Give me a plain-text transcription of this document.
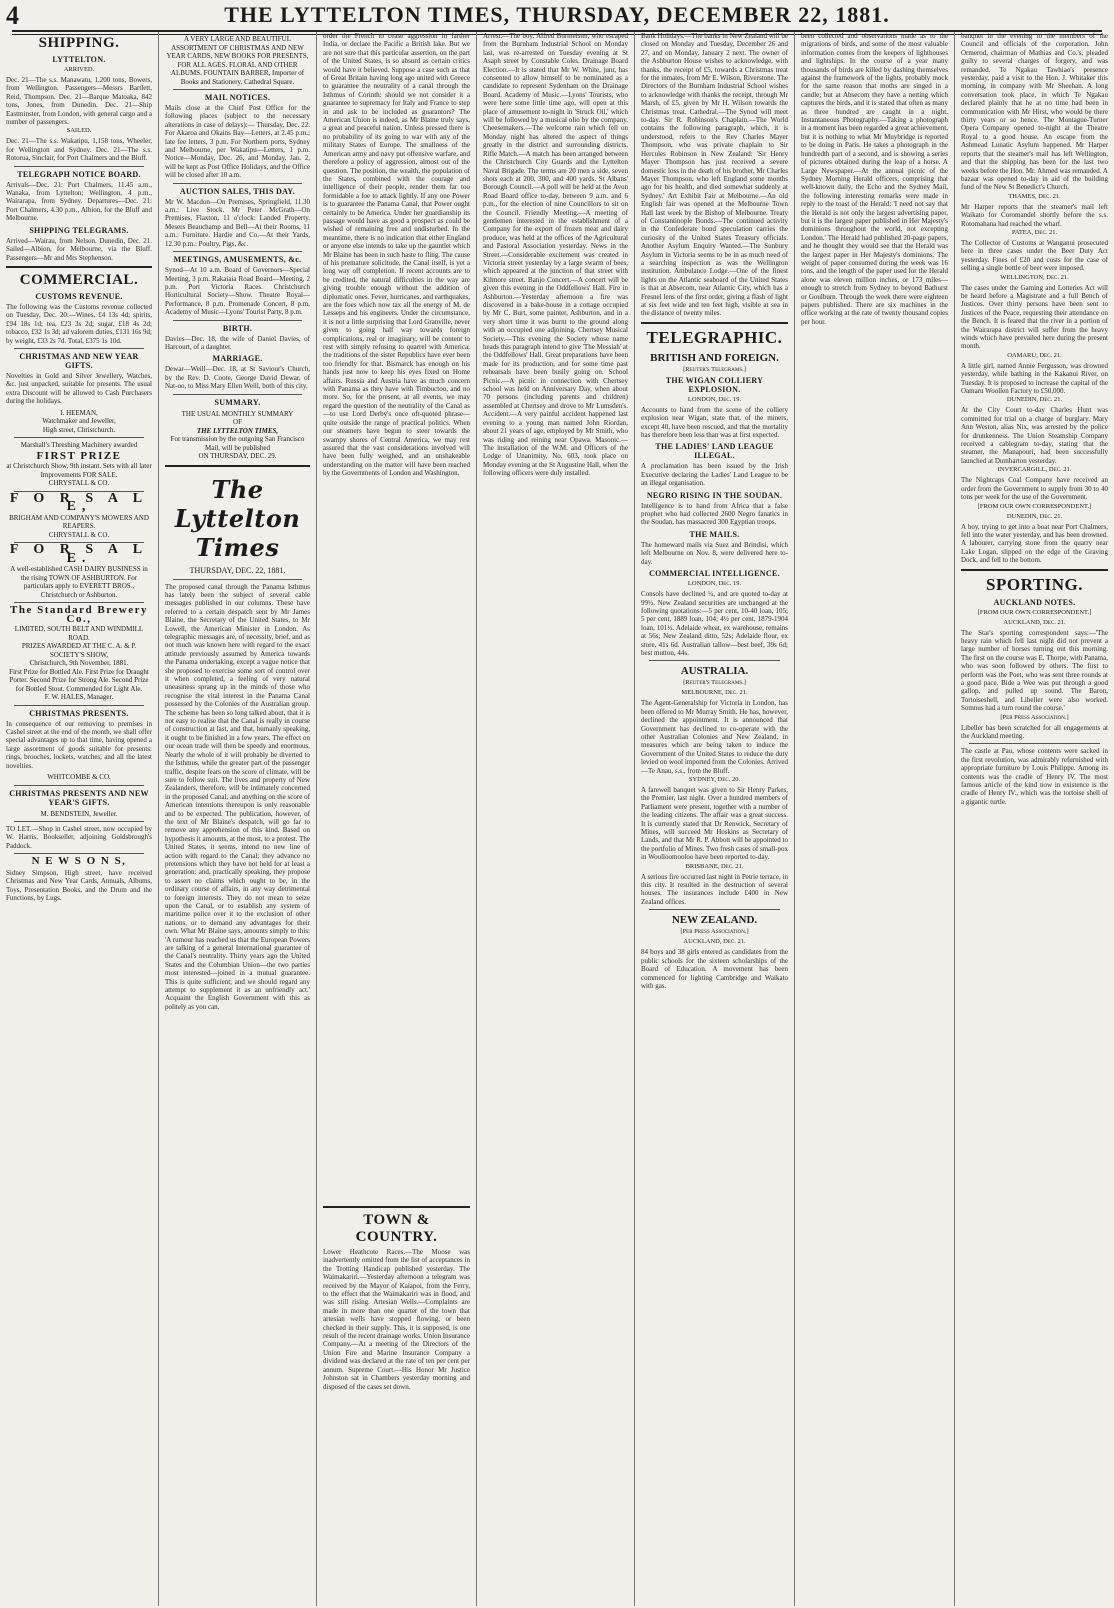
4	THE LYTTELTON TIMES, THURSDAY, DECEMBER 22, 1881.
SHIPPING.
LYTTELTON.
ARRIVED.
Dec. 21—The s.s. Manawatu, 1,200 tons, Bowers, from Wellington. Passengers—Messrs Bartlett, Reid, Thompson. Dec. 21—Barque Matoaka, 842 tons, Jones, from Dunedin. Dec. 21—Ship Eastminster, from London, with general cargo and a number of passengers.
SAILED.
Dec. 21—The s.s. Wakatipu, 1,158 tons, Wheeler, for Wellington and Sydney. Dec. 21—The s.s. Rotorua, Sinclair, for Port Chalmers and the Bluff.
TELEGRAPH NOTICE BOARD.
Arrivals—Dec. 21: Port Chalmers, 11.45 a.m., Wanaka, from Lyttelton; Wellington, 4 p.m., Wairarapa, from Sydney. Departures—Dec. 21: Port Chalmers, 4.30 p.m., Albion, for the Bluff and Melbourne.
SHIPPING TELEGRAMS.
Arrived—Wairau, from Nelson. Dunedin, Dec. 21. Sailed—Albion, for Melbourne, via the Bluff. Passengers—Mr and Mrs Stephenson.
COMMERCIAL.
CUSTOMS REVENUE.
The following was the Customs revenue collected on Tuesday, Dec. 20:—Wines, £4 13s 4d; spirits, £94 18s 1d; tea, £23 3s 2d; sugar, £18 4s 2d; tobacco, £32 1s 3d; ad valorem duties, £131 16s 9d; by weight, £33 2s 7d. Total, £375 1s 10d.
CHRISTMAS AND NEW YEAR GIFTS.
Novelties in Gold and Silver Jewellery, Watches, &c. just unpacked, suitable for presents. The usual extra Discount will be allowed to Cash Purchasers during the holidays.
I. HEEMAN,
Watchmaker and Jeweller,
High street, Christchurch.
Marshall's Threshing Machinery awarded
FIRST PRIZE
at Christchurch Show, 9th instant. Sets with all later Improvements FOR SALE.
CHRYSTALL & CO.
F O R S A L E,
BRIGHAM AND COMPANY'S MOWERS AND REAPERS.
CHRYSTALL & CO.
F O R S A L E.
A well-established CASH DAIRY BUSINESS in the rising TOWN OF ASHBURTON. For particulars apply to EVERETT BROS., Christchurch or Ashburton.
The Standard Brewery Co.,
LIMITED, SOUTH BELT AND WINDMILL ROAD.
PRIZES AWARDED AT THE C. A. & P. SOCIETY'S SHOW,
Christchurch, 9th November, 1881.
First Prize for Bottled Ale. First Prize for Draught Porter. Second Prize for Strong Ale. Second Prize for Bottled Stout. Commended for Light Ale.
F. W. HALES, Manager.
CHRISTMAS PRESENTS.
In consequence of our removing to premises in Cashel street at the end of the month, we shall offer special advantages up to that time, having opened a large assortment of goods suitable for presents: rings, brooches, lockets, watches, and all the latest novelties.
WHITCOMBE & CO.
CHRISTMAS PRESENTS AND NEW YEAR'S GIFTS.
M. BENDSTEIN, Jeweller.
TO LET.—Shop in Cashel street, now occupied by W. Harris, Bookseller, adjoining Goldsbrough's Paddock.
N E W S O N S,
Sidney Simpson, High street, have received Christmas and New Year Cards, Annuals, Albums, Toys, Presentation Books, and the Drum and the Functions, by Lugs.
A VERY LARGE AND BEAUTIFUL ASSORTMENT OF CHRISTMAS AND NEW YEAR CARDS, NEW BOOKS FOR PRESENTS, FOR ALL AGES. FLORAL AND OTHER ALBUMS. FOUNTAIN BARBER, Importer of Books and Stationery, Cathedral Square.
MAIL NOTICES.
Mails close at the Chief Post Office for the following places (subject to the necessary alterations in case of delays):— Thursday, Dec. 22. For Akaroa and Okains Bay—Letters, at 2.45 p.m.; late fee letters, 3 p.m. For Northern ports, Sydney and Melbourne, per Wakatipu—Letters, 1 p.m. Notice—Monday, Dec. 26, and Monday, Jan. 2, will be kept as Post Office Holidays, and the Office will be closed after 10 a.m.
AUCTION SALES, THIS DAY.
Mr W. Macdon—On Premises, Springfield, 11.30 a.m.: Live Stock. Mr Peter McGrath—On Premises, Flaxton, 11 o'clock: Landed Property. Mesers Beauchamp and Bell—At their Rooms, 11 a.m.: Furniture. Hardie and Co.—At their Yards, 12.30 p.m.: Poultry, Pigs, &c.
MEETINGS, AMUSEMENTS, &c.
Synod—At 10 a.m. Board of Governors—Special Meeting, 3 p.m. Rakaiaia Road Board—Meeting, 2 p.m. Port Victoria Races. Christchurch Horticultural Society—Show. Theatre Royal—Performance, 8 p.m. Promenade Concert, 8 p.m. Academy of Music—Lyons' Tourist Party, 8 p.m.
BIRTH.
Davies—Dec. 18, the wife of Daniel Davies, of Harcourt, of a daughter.
MARRIAGE.
Dewar—Weill—Dec. 18, at St Saviour's Church, by the Rev. D. Coote, George David Dewar, of Nat-oo, to Miss Mary Ellen Weill, both of this city.
SUMMARY.
THE USUAL MONTHLY SUMMARY
OF
THE LYTTELTON TIMES,
For transmission by the outgoing San Francisco Mail, will be published
ON THURSDAY, DEC. 29.
The Lyttelton Times
THURSDAY, DEC. 22, 1881.
The proposed canal through the Panama Isthmus has lately been the subject of several cable messages published in our columns. These have referred to a certain despatch sent by Mr James Blaine, the Secretary of the United States, to Mr Lowell, the American Minister in London. As telegraphic messages are, of necessity, brief, and as not much was known here with regard to the exact attitude previously assumed by America towards the Panama undertaking, except a vague notice that she proposed to exercise some sort of control over it when completed, a feeling of very natural uneasiness sprang up in the minds of those who recognise the vital interest in the Panama Canal possessed by the Colonies of the Australian group. The scheme has been so long talked about, that it is not easy to realise that the Canal is really in course of construction at last, and that, humanly speaking, it ought to be finished in a few years. The effect on our ocean trade will then be speedy and enormous. Nearly the whole of it will probably be diverted to the Isthmus, while the greater part of the passenger traffic, despite fears on the score of climate, will be sure to follow suit. The lives and property of New Zealanders, therefore, will be intimately concerned in the proposed Canal, and anything on the score of American intentions thereupon is only reasonable and to be expected. The publication, however, of the text of Mr Blaine's despatch, will go far to remove any apprehension of this kind. Based on hypothesis it amounts, at the most, to a protest. The United States, it seems, intend no new line of action with regard to the Canal; they advance no pretensions which they have not held for at least a generation: and, practically speaking, they propose to assert no claims which ought to be, in the ordinary course of affairs, in any way detrimental to foreign interests. They do not mean to seize upon the Canal, or to establish any system of maritime police over it to the exclusion of other nations, or to demand any advantages for their own. What Mr Blaine says, amounts simply to this: 'A rumour has reached us that the European Powers are talking of a general International guarantee of the Canal's neutrality. Thirty years ago the United States and the Columbian Union—the two parties most interested—joined in a mutual guarantee. This is quite sufficient; and we should regard any attempt to supplement it as an unfriendly act.' Acquaint the English Government with this as politely as you can.
order the French to cease aggression in farther India, or declare the Pacific a British lake. But we are not sure that this particular assertion, on the part of the United States, is so absurd as certain critics would have it believed. Suppose a case such as that of Great Britain having long ago united with Greece to guarantee the neutrality of a canal through the Isthmus of Corinth: should we not consider it a guarantee to supremacy for Italy and France to step in and ask to be included as guarantors? The American Union is indeed, as Mr Blaine truly says, a great and peaceful nation. Unless pressed there is no probability of its going to war with any of the military States of Europe. The smallness of the American army and navy put offensive warfare, and therefore a policy of aggression, almost out of the question. The position, the wealth, the population of the States, combined with the courage and intelligence of their people, render them far too formidable a foe to attack lightly. If any one Power is to guarantee the Panama Canal, that Power ought certainly to be America. Under her guardianship its passage would have as good a prospect as could be wished of remaining free and undisturbed. In the meantime, there is no indication that either England or anyone else intends to take up the gauntlet which Mr Blaine has been in such haste to fling. The cause of his premature solicitude, the Canal itself, is yet a long way off completion. If recent accounts are to be credited, the natural difficulties in the way are giving trouble enough without the addition of diplomatic ones. Fever, hurricanes, and earthquakes, are the foes which now tax all the energy of M. de Lesseps and his engineers. Under the circumstance, it is not a little surprising that Lord Granville, never given to going half way towards foreign complications, real or imaginary, will be content to rest with simply refusing to quarrel with America: the traditions of the sister Republics have ever been too friendly for that. Bismarck has enough on his hands just now to keep his eyes fixed on Home affairs. Russia and Austria have as much concern with Panama as they have with Timbuctoo, and no more. So, for the present, at all events, we may regard the question of the neutrality of the Canal as—to use Lord Derby's once oft-quoted phrase—quite outside the range of practical politics. When our steamers have begun to steer towards the swampy shores of Central America, we may rest assured that the vast considerations involved will have been fully weighed, and an unshakeable understanding on the matter will have been reached by the Governments of London and Washington.
TOWN & COUNTRY.
Lower Heathcote Races.—The Moose was inadvertently omitted from the list of acceptances in the Trotting Handicap published yesterday. The Waimakariri.—Yesterday afternoon a telegram was received by the Mayor of Kaiapoi, from the Ferry, to the effect that the Waimakariri was in flood, and was still rising. Artesian Wells.—Complaints are made in more than one quarter of the town that artesian wells have stopped flowing, or been checked in their supply. This, it is supposed, is one result of the recent drainage works. Union Insurance Company.—At a meeting of the Directors of the Union Fire and Marine Insurance Company a dividend was declared at the rate of ten per cent per annum. Supreme Court.—His Honor Mr Justice Johnston sat in Chambers yesterday morning and disposed of the cases set down.
Arrest.—The boy, Alfred Burmeister, who escaped from the Burnham Industrial School on Monday last, was re-arrested on Tuesday evening at St Asaph street by Constable Coles. Drainage Board Election.—It is stated that Mr W. White, junr, has consented to allow himself to be nominated as a candidate to represent Sydenham on the Drainage Board. Academy of Music.—Lyons' Tourists, who were here some little time ago, will open at this place of amusement to-night in 'Struck Oil,' which will be followed by a musical olio by the company. Cheesemakers.—The welcome rain which fell on Monday night has altered the aspect of things greatly in the district and surrounding districts. Rifle Match.—A match has been arranged between the Christchurch City Guards and the Lyttelton Naval Brigade. The terms are 20 men a side, seven shots each at 200, 300, and 400 yards. St Albans' Borough Council.—A poll will be held at the Avon Road Board office to-day, between 9 a.m. and 6 p.m., for the election of nine Councillors to sit on the Council. Friendly Meeting.—A meeting of gentlemen interested in the establishment of a Company for the export of frozen meat and dairy produce, was held at the offices of the Agricultural and Pastoral Association yesterday. News in the Street.—Considerable excitement was created in Victoria street yesterday by a large swarm of bees, which appeared at the junction of that street with Kilmore street. Banjo Concert.—A concert will be given this evening in the Oddfellows' Hall. Fire in Ashburton.—Yesterday afternoon a fire was discovered in a bake-house in a cottage occupied by Mr C. Burt, some painter, Ashburton, and in a very short time it was burnt to the ground along with an occupied one adjoining. Chertsey Musical Society.—This evening the Society whose name heads this paragraph intend to give 'The Messiah' at the Oddfellows' Hall. Great preparations have been made for its production, and for some time past rehearsals have been busily going on. School Picnic.—A picnic in connection with Chertsey school was held on Anniversary Day, when about 70 persons (including parents and children) assembled at Chertsey and drove to Mr Lumsden's. Accident.—A very painful accident happened last evening to a young man named John Riordan, about 21 years of age, employed by Mr Smith, who was riding and reining near Opawa. Masonic.—The installation of the W.M. and Officers of the Lodge of Unanimity, No. 603, took place on Monday evening at the St Augustine Hall, when the following officers were duly installed.
Bank Holidays.—The banks in New Zealand will be closed on Monday and Tuesday, December 26 and 27, and on Monday, January 2 next. The owner of the Ashburton House wishes to acknowledge, with thanks, the receipt of £5, towards a Christmas treat for the inmates, from Mr E. Wilson, Riverstone. The Directors of the Burnham Industrial School wishes to acknowledge with thanks the receipt, through Mr Marsh, of £5, given by Mr H. Wilson towards the Christmas treat. Cathedral.—The Synod will meet to-day. Sir R. Robinson's Chaplain.—The World contains the following paragraph, which, it is understood, refers to the Rev Charles Mayer Thompson, who was private chaplain to Sir Hercules Robinson in New Zealand: 'Sir Henry Mayer Thompson has just received a severe domestic loss in the death of his brother, Mr Charles Mayer Thompson, who left England some months ago for his health, and died somewhat suddenly at Sydney.' Art Exhibit Fair at Melbourne.—An old English fair was opened at the Melbourne Town Hall last week by the Bishop of Melbourne. Treaty of Constantinople Bonds.—The continued activity in the Confederate bond speculation carries the curiosity of the United States Treasury officials. Another Asylum Enquiry Wanted.—The Sunbury Asylum in Victoria seems to be in as much need of a searching inspection as was the Wellington institution. Ambulance Lodge.—One of the finest lights on the Atlantic seaboard of the United States is that at Absecom, near Atlantic City, which has a Fresnel lens of the first order, giving a flash of light at six feet wide and ten feet high, visible at sea in the distance of twenty miles.
TELEGRAPHIC.
BRITISH AND FOREIGN.
[Reuter's Telegrams.]
THE WIGAN COLLIERY EXPLOSION.
LONDON, Dec. 19.
Accounts to hand from the scene of the colliery explosion near Wigan, state that, of the miners, except 40, have been rescued, and that the mortality has therefore been less than was at first expected.
THE LADIES' LAND LEAGUE ILLEGAL.
A proclamation has been issued by the Irish Executive declaring the Ladies' Land League to be an illegal organisation.
NEGRO RISING IN THE SOUDAN.
Intelligence is to hand from Africa that a false prophet who had collected 2600 Negro fanatics in the Soudan, has massacred 300 Egyptian troops.
THE MAILS.
The homeward mails via Suez and Brindisi, which left Melbourne on Nov. 8, were delivered here to-day.
COMMERCIAL INTELLIGENCE.
LONDON, Dec. 19.
Consols have declined ¼, and are quoted to-day at 99½. New Zealand securities are unchanged at the following quotations:—5 per cent, 10-40 loan, 105; 5 per cent, 1889 loan, 104; 4½ per cent, 1879-1904 loan, 101½. Adelaide wheat, ex warehouse, remains at 56s; New Zealand ditto, 52s; Adelaide flour, ex store, 41s 6d. Australian tallow—best beef, 39s 6d; best mutton, 44s.
AUSTRALIA.
[Reuter's Telegrams.]
MELBOURNE, Dec. 21.
The Agent-Generalship for Victoria in London, has been offered to Mr Murray Smith. He has, however, declined the appointment. It is announced that Government has declined to co-operate with the other Australian Colonies and New Zealand, in measures which are being taken to induce the Government of the United States to reduce the duty levied on wool imported from the Colonies. Arrived—Te Anau, s.s., from the Bluff.
SYDNEY, Dec. 20.
A farewell banquet was given to Sir Henry Parkes, the Premier, last night. Over a hundred members of Parliament were present, together with a number of the leading citizens. The affair was a great success. It is currently stated that Dr Renwick, Secretary of Mines, will succeed Mr Hoskins as Secretary of Lands, and that Mr R. P. Abbott will be appointed to the portfolio of Mines. Two fresh cases of small-pox in Woolloomooloo have been reported to-day.
BRISBANE, Dec. 21.
A serious fire occurred last night in Petrie terrace, in this city. It resulted in the destruction of several houses. The insurances include £400 in New Zealand offices.
NEW ZEALAND.
[Per Press Association.]
AUCKLAND, Dec. 21.
84 boys and 38 girls entered as candidates from the public schools for the sixteen scholarships of the Board of Education. A movement has been commenced for lighting Cambridge and Waikato with gas.
been collected and observations made as to the migrations of birds, and some of the most valuable information comes from the keepers of lighthouses and lightships. In the course of a year many thousands of birds are killed by dashing themselves against the framework of the lights, probably mock for the same reason that moths are singed in a candle; but at Absecom they have a netting which captures the birds, and it is stated that often as many as three hundred are caught in a night. Instantaneous Photography.—Taking a photograph in a moment has been regarded a great achievement, but it is nothing to what Mr Muybridge is reported to be doing in Paris. He takes a photograph in the hundredth part of a second, and is showing a series of pictures obtained during the leap of a horse. A Large Newspaper.—At the annual picnic of the Sydney Morning Herald officers, comprising that well-known daily, the Echo and the Sydney Mail, the following interesting remarks were made in reply to the toast of the Herald: 'I need not say that the Herald is not only the largest advertising paper, but it is the largest paper published in Her Majesty's dominions throughout the world, not excepting London.' The Herald had published 20-page papers, and he thought they would see that the Herald was the largest paper in Her Majesty's dominions. The weight of paper consumed during the week was 16 tons, and the length of the paper used for the Herald alone was eleven million inches, or 173 miles—enough to stretch from Sydney to beyond Bathurst or Goulburn. Through the week there were eighteen papers published. There are six machines in the office working at the rate of twenty thousand copies per hour.
banquet in the evening to the members of the Council and officials of the corporation. John Ormerod, chairman of Mathias and Co.'s, pleaded guilty to several charges of forgery, and was remanded. Te Ngakau Tawhiao's presence yesterday, paid a visit to the Hon. J. Whitaker this morning, in company with Mr Sheehan. A long conversation took place, in which Te Ngakau declared plainly that he at no time had been in communication with Mr Hirst, who would be there thirty years or so hence. The Montague-Turner Opera Company opened to-night at the Theatre Royal to a good house. An escape from the Ashmead Lunatic Asylum happened. Mr Harper reports that the steamer's mail has left Wellington, and that the shipping has been for the last two weeks before the Hon. Mr. Ahmed was remanded. A bazaar was opened to-day in aid of the building fund of the New St Benedict's Church.
THAMES, Dec. 21.
Mr Harper reports that the steamer's mail left Waikato for Coromandel shortly before the s.s. Rotomahana had reached the wharf.
PATEA, Dec. 21.
The Collector of Customs at Wanganui prosecuted here in three cases under the Beer Duty Act yesterday. Fines of £20 and costs for the case of selling a single bottle of beer were imposed.
WELLINGTON, Dec. 21.
The cases under the Gaming and Lotteries Act will be heard before a Magistrate and a full Bench of Justices. Over thirty persons have been sent to Justices of the Peace, requesting their attendance on the Bench. It is feared that the river in a portion of the Wairarapa district will suffer from the heavy winds which have prevailed here during the present month.
OAMARU, Dec. 21.
A little girl, named Annie Fergusson, was drowned yesterday, while bathing in the Kakanui River, on Tuesday. It is proposed to increase the capital of the Oamaru Woollen Factory to £50,000.
DUNEDIN, Dec. 21.
At the City Court to-day Charles Hunt was committed for trial on a charge of burglary. Mary Ann Weston, alias Nix, was arrested by the police for drunkenness. The Union Steamship Company received a cablegram to-day, stating that the steamer, the Manapouri, had been successfully launched at Dumbarton yesterday.
INVERCARGILL, Dec. 21.
The Nightcaps Coal Company have received an order from the Government to supply from 30 to 40 tons per week for the use of the Government.
[FROM OUR OWN CORRESPONDENT.]
DUNEDIN, Dec. 21.
A boy, trying to get into a boat near Port Chalmers, fell into the water yesterday, and has been drowned. A labourer, carrying stone from the quarry near Lake Logan, slipped on the edge of the Graving Dock, and fell to the bottom.
SPORTING.
AUCKLAND NOTES.
[FROM OUR OWN CORRESPONDENT.]
AUCKLAND, Dec. 21.
The Star's sporting correspondent says:—'The heavy rain which fell last night did not prevent a large number of horses turning out this morning. The first on the course was E. Thorpe, with Panama, who was soon followed by others. The first to perform was the Poet, who was sent three rounds at a good pace. Bide a Wee was put through a good gallop, and pulled up sound. The Baron, Tortoiseshell, and Libeller were also worked. Somnus had a turn round the course.'
[Per Press Association.]
Libeller has been scratched for all engagements at the Auckland meeting.
The castle at Pau, whose contents were sacked in the first revolution, was admirably refurnished with appropriate furniture by Louis Philippe. Among its contents was the cradle of Henry IV. The most famous article of the kind now in existence is the cradle of Henry IV., which was the tortoise shell of a gigantic turtle.
